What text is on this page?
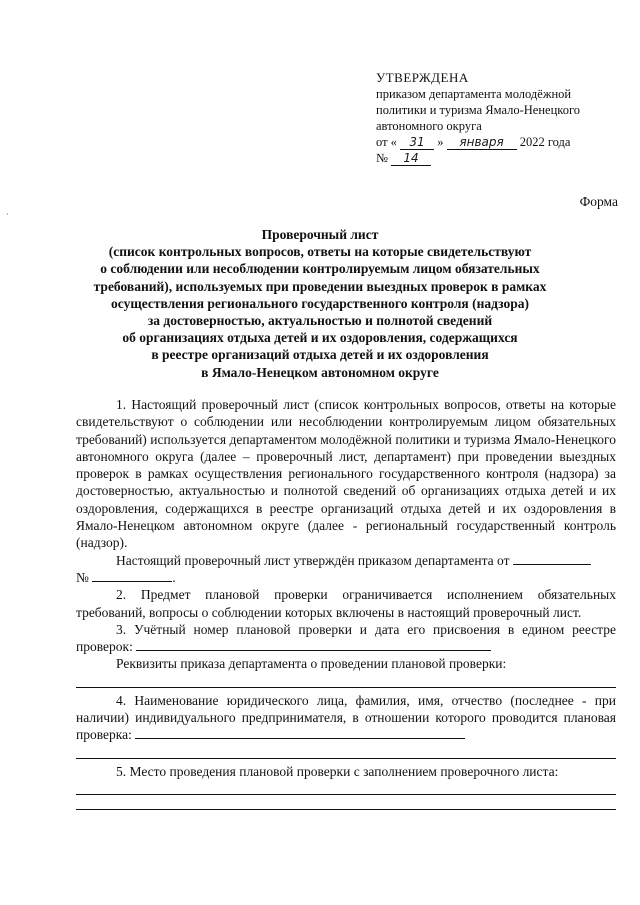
·
УТВЕРЖДЕНА
приказом департамента молодёжной
политики и туризма Ямало-Ненецкого
автономного округа
от « 31 » января 2022 года
№ 14
Форма
Проверочный лист
(список контрольных вопросов, ответы на которые свидетельствуют
о соблюдении или несоблюдении контролируемым лицом обязательных
требований), используемых при проведении выездных проверок в рамках
осуществления регионального государственного контроля (надзора)
за достоверностью, актуальностью и полнотой сведений
об организациях отдыха детей и их оздоровления, содержащихся
в реестре организаций отдыха детей и их оздоровления
в Ямало-Ненецком автономном округе

1. Настоящий проверочный лист (список контрольных вопросов, ответы на которые свидетельствуют о соблюдении или несоблюдении контролируемым лицом обязательных требований) используется департаментом молодёжной политики и туризма Ямало-Ненецкого автономного округа (далее – проверочный лист, департамент) при проведении выездных проверок в рамках осуществления регионального государственного контроля (надзора) за достоверностью, актуальностью и полнотой сведений об организациях отдыха детей и их оздоровления, содержащихся в реестре организаций отдыха детей и их оздоровления в Ямало-Ненецком автономном округе (далее - региональный государственный контроль (надзор).

Настоящий проверочный лист утверждён приказом департамента от

№	.

2. Предмет плановой проверки ограничивается исполнением обязательных требований, вопросы о соблюдении которых включены в настоящий проверочный лист.

3. Учётный номер плановой проверки и дата его присвоения в едином реестре проверок:

Реквизиты приказа департамента о проведении плановой проверки:

4. Наименование юридического лица, фамилия, имя, отчество (последнее - при наличии) индивидуального предпринимателя, в отношении которого проводится плановая проверка:

5. Место проведения плановой проверки с заполнением проверочного листа:
